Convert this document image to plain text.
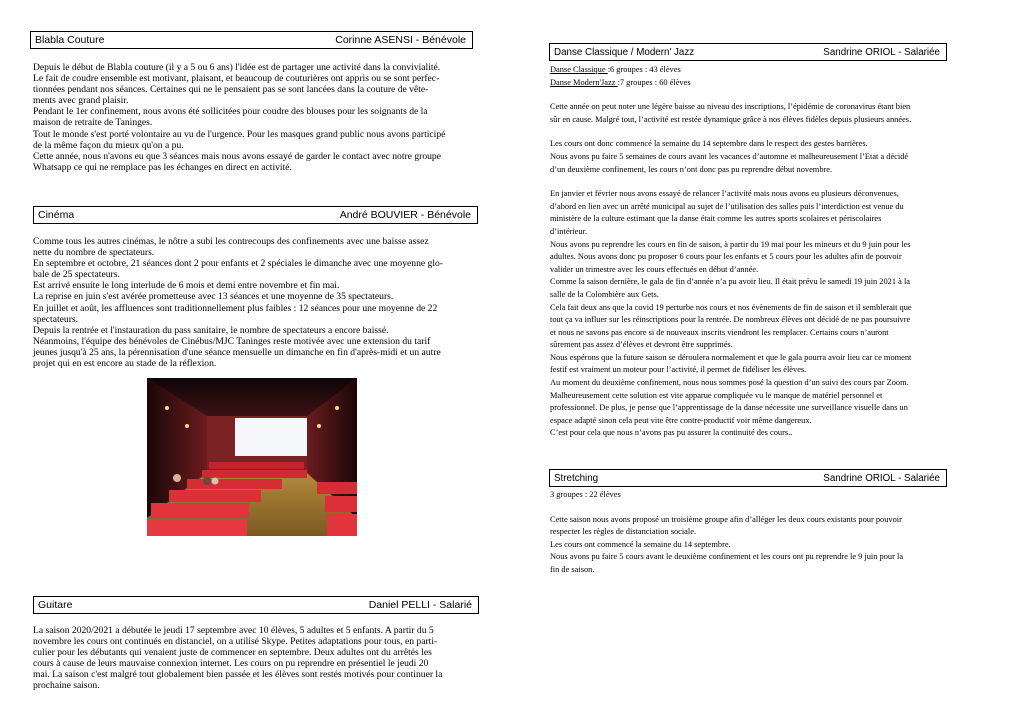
Blabla Couture	Corinne ASENSI - Bénévole

Depuis le début de Blabla couture (il y a 5 ou 6 ans) l'idée est de partager une activité dans la convivialité.

Le fait de coudre ensemble est motivant, plaisant, et beaucoup de couturières ont appris ou se sont perfec-

tionnées pendant nos séances. Certaines qui ne le pensaient pas se sont lancées dans la couture de vête-

ments avec grand plaisir.

Pendant le 1er confinement, nous avons été sollicitées pour coudre des blouses pour les soignants de la

maison de retraite de Taninges.

Tout le monde s'est porté volontaire au vu de l'urgence. Pour les masques grand public nous avons participé

de la même façon du mieux qu'on a pu.

Cette année, nous n'avons eu que 3 séances mais nous avons essayé de garder le contact avec notre groupe

Whatsapp ce qui ne remplace pas les échanges en direct en activité.

Cinéma	André BOUVIER - Bénévole

Comme tous les autres cinémas, le nôtre a subi les contrecoups des confinements avec une baisse assez

nette du nombre de spectateurs.

En septembre et octobre, 21 séances dont 2 pour enfants et 2 spéciales le dimanche avec une moyenne glo-

bale de 25 spectateurs.

Est arrivé ensuite le long interlude de 6 mois et demi entre novembre et fin mai.

La reprise en juin s'est avérée prometteuse avec 13 séances et une moyenne de 35 spectateurs.

En juillet et août, les affluences sont traditionnellement plus faibles : 12 séances pour une moyenne de 22

spectateurs.

Depuis la rentrée et l'instauration du pass sanitaire, le nombre de spectateurs a encore baissé.

Néanmoins, l'équipe des bénévoles de Cinébus/MJC Taninges reste motivée avec une extension du tarif

jeunes jusqu'à 25 ans, la pérennisation d'une séance mensuelle un dimanche en fin d'après-midi et un autre

projet qui en est encore au stade de la réflexion.

Guitare	Daniel PELLI - Salarié

La saison 2020/2021 a débutée le jeudi 17 septembre avec 10 élèves, 5 adultes et 5 enfants. A partir du 5

novembre les cours ont continués en distanciel, on a utilisé Skype. Petites adaptations pour tous, en parti-

culier pour les débutants qui venaient juste de commencer en septembre. Deux adultes ont du arrêtés les

cours à cause de leurs mauvaise connexion internet. Les cours on pu reprendre en présentiel le jeudi 20

mai. La saison c'est malgré tout globalement bien passée et les élèves sont restés motivés pour continuer la

prochaine saison.

Danse Classique / Modern' Jazz	Sandrine ORIOL - Salariée

Danse Classique :6 groupes : 43 élèves

Danse Modern'Jazz :7 groupes : 60 élèves

Cette année on peut noter une légère baisse au niveau des inscriptions, l’épidémie de coronavirus étant bien

sûr en cause. Malgré tout, l’activité est restée dynamique grâce à nos élèves fidèles depuis plusieurs années.

Les cours ont donc commencé la semaine du 14 septembre dans le respect des gestes barrières.

Nous avons pu faire 5 semaines de cours avant les vacances d’automne et malheureusement l’Etat a décidé

d’un deuxième confinement, les cours n’ont donc pas pu reprendre début novembre.

En janvier et février nous avons essayé de relancer l’activité mais nous avons eu plusieurs déconvenues,

d’abord en lien avec un arrêté municipal au sujet de l’utilisation des salles puis l’interdiction est venue du

ministère de la culture estimant que la danse était comme les autres sports scolaires et périscolaires

d’intérieur.

Nous avons pu reprendre les cours en fin de saison, à partir du 19 mai pour les mineurs et du 9 juin pour les

adultes. Nous avons donc pu proposer 6 cours pour les enfants et 5 cours pour les adultes afin de pouvoir

valider un trimestre avec les cours effectués en début d’année.

Comme la saison dernière, le gala de fin d’année n’a pu avoir lieu. Il était prévu le samedi 19 juin 2021 à la

salle de la Colombière aux Gets.

Cela fait deux ans que la covid 19 perturbe nos cours et nos évènements de fin de saison et il semblerait que

tout ça va influer sur les réinscriptions pour la rentrée. De nombreux élèves ont décidé de ne pas poursuivre

et nous ne savons pas encore si de nouveaux inscrits viendront les remplacer. Certains cours n’auront

sûrement pas assez d’élèves et devront être supprimés.

Nous espérons que la future saison se déroulera normalement et que le gala pourra avoir lieu car ce moment

festif est vraiment un moteur pour l’activité, il permet de fidéliser les élèves.

Au moment du deuxième confinement, nous nous sommes posé la question d’un suivi des cours par Zoom.

Malheureusement cette solution est vite apparue compliquée vu le manque de matériel personnel et

professionnel. De plus, je pense que l’apprentissage de la danse nécessite une surveillance visuelle dans un

espace adapté sinon cela peut vite être contre-productif voir même dangereux.

C’est pour cela que nous n’avons pas pu assurer la continuité des cours..

Stretching	Sandrine ORIOL - Salariée

3 groupes : 22 élèves

Cette saison nous avons proposé un troisième groupe afin d’alléger les deux cours existants pour pouvoir

respecter les règles de distanciation sociale.

Les cours ont commencé la semaine du 14 septembre.

Nous avons pu faire 5 cours avant le deuxième confinement et les cours ont pu reprendre le 9 juin pour la

fin de saison.
